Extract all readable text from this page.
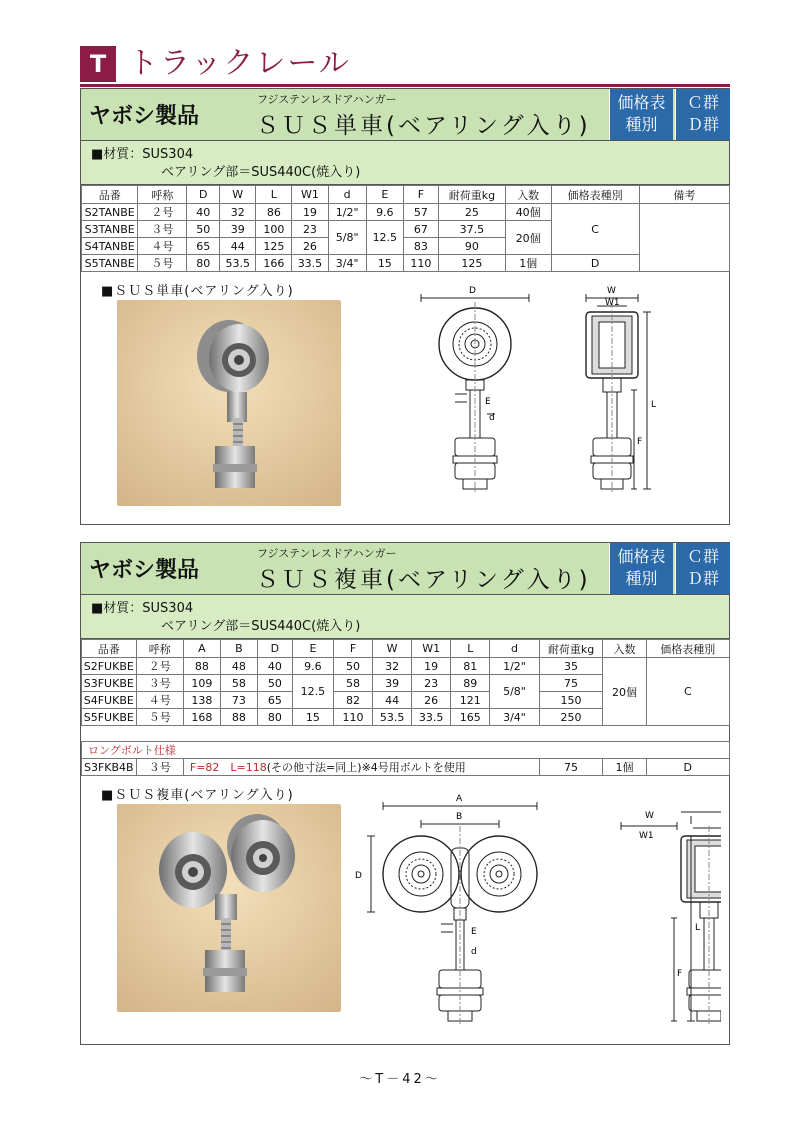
T トラックレール
ヤボシ製品
フジステンレスドアハンガー
ＳＵＳ単車(ベアリング入り)
価格表
種別
Ｃ群
Ｄ群
■材質：SUS304
ベアリング部＝SUS440C(焼入り)
品番	呼称	D	W	L	W1	d	E	F	耐荷重kg	入数	価格表種別	備考
S2TANBE	２号	40	32	86	19	1/2"	9.6	57	25	40個	C	
S3TANBE	３号	50	39	100	23	5/8"	12.5	67	37.5	20個		
S4TANBE	４号	65	44	125	26			83	90			
S5TANBE	５号	80	53.5	166	33.5	3/4"	15	110	125	1個	D	
■ＳＵＳ単車(ベアリング入り)	D	W
W1
E
d
L
F
ヤボシ製品
フジステンレスドアハンガー
ＳＵＳ複車(ベアリング入り)
価格表
種別
Ｃ群
Ｄ群
■材質：SUS304
ベアリング部＝SUS440C(焼入り)
品番	呼称	A	B	D	E	F	W	W1	L	d	耐荷重kg	入数	価格表種別
S2FUKBE	２号	88	48	40	9.6	50	32	19	81	1/2"	35	20個	C
S3FUKBE	３号	109	58	50	12.5	58	39	23	89	5/8"	75		
S4FUKBE	４号	138	73	65		82	44	26	121		150		
S5FUKBE	５号	168	88	80	15	110	53.5	33.5	165	3/4"	250		

ロングボルト仕様													
S3FKB4B	３号	F=82　L=118(その他寸法=同上)※4号用ボルトを使用									75	1個	D
■ＳＵＳ複車(ベアリング入り)	A
B
D
E
d
W
L
F
W1
～T－42～
